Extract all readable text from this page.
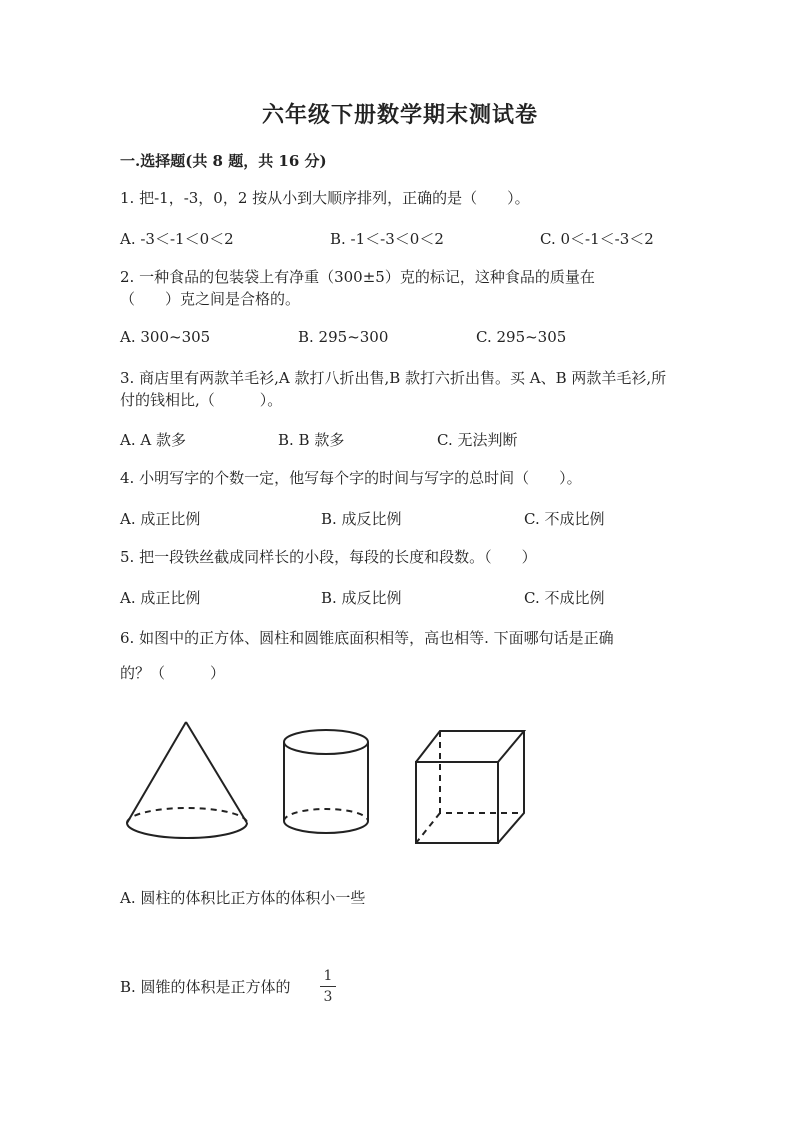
六年级下册数学期末测试卷
一.选择题(共 8 题，共 16 分)
1. 把-1，-3，0，2 按从小到大顺序排列，正确的是（　　）。
A. -3＜-1＜0＜2	B. -1＜-3＜0＜2	C. 0＜-1＜-3＜2
2. 一种食品的包装袋上有净重（300±5）克的标记，这种食品的质量在（　　）克之间是合格的。
A. 300~305	B. 295~300	C. 295~305
3. 商店里有两款羊毛衫,A 款打八折出售,B 款打六折出售。买 A、B 两款羊毛衫,所付的钱相比,（　　　）。
A. A 款多	B. B 款多	C. 无法判断
4. 小明写字的个数一定，他写每个字的时间与写字的总时间（　　）。
A. 成正比例	B. 成反比例	C. 不成比例
5. 把一段铁丝截成同样长的小段，每段的长度和段数。（　　）
A. 成正比例	B. 成反比例	C. 不成比例
6. 如图中的正方体、圆柱和圆锥底面积相等，高也相等. 下面哪句话是正确
的？（　　　）
A. 圆柱的体积比正方体的体积小一些
B. 圆锥的体积是正方体的
1
3
